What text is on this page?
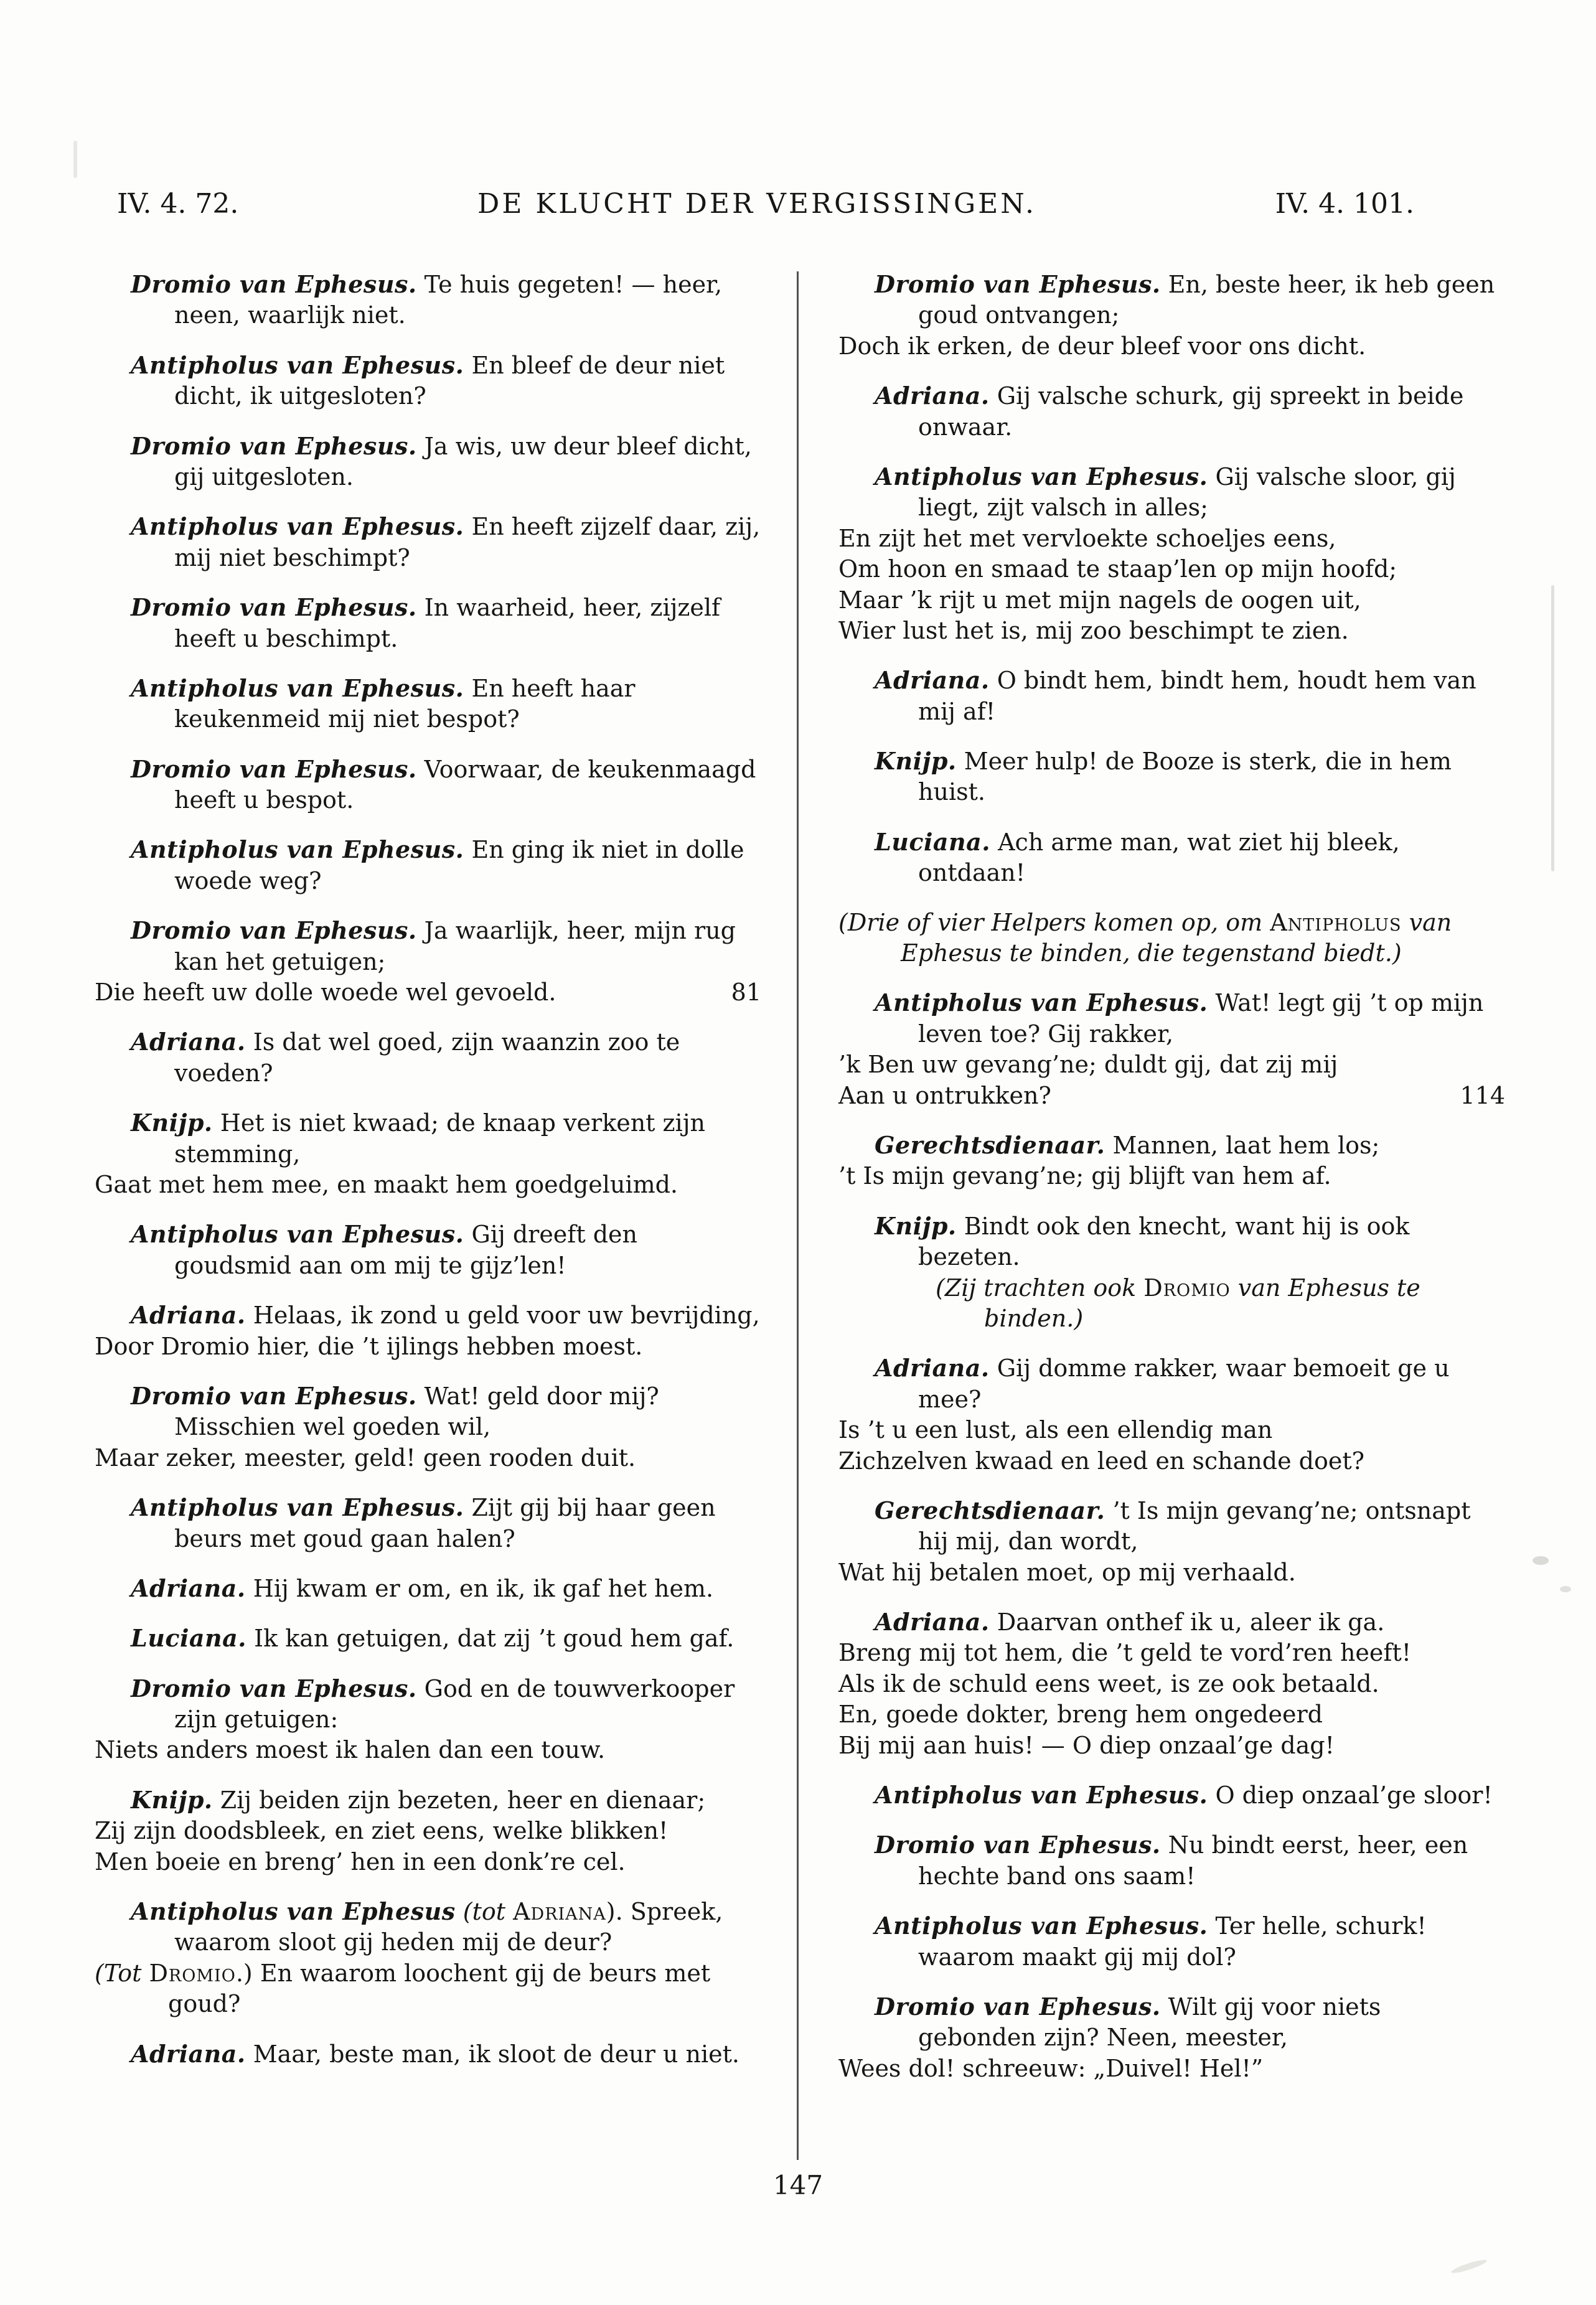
IV. 4. 72.	DE KLUCHT DER VERGISSINGEN.	IV. 4. 101.

Dromio van Ephesus. Te huis gegeten! — heer, neen, waarlijk niet.

Antipholus van Ephesus. En bleef de deur niet dicht, ik uitgesloten?

Dromio van Ephesus. Ja wis, uw deur bleef dicht, gij uitgesloten.

Antipholus van Ephesus. En heeft zijzelf daar, zij, mij niet beschimpt?

Dromio van Ephesus. In waarheid, heer, zijzelf heeft u beschimpt.

Antipholus van Ephesus. En heeft haar keukenmeid mij niet bespot?

Dromio van Ephesus. Voorwaar, de keukenmaagd heeft u bespot.

Antipholus van Ephesus. En ging ik niet in dolle woede weg?

Dromio van Ephesus. Ja waarlijk, heer, mijn rug kan het getuigen;

Die heeft uw dolle woede wel gevoeld.	81

Adriana. Is dat wel goed, zijn waanzin zoo te voeden?

Knijp. Het is niet kwaad; de knaap verkent zijn stemming,

Gaat met hem mee, en maakt hem goedgeluimd.

Antipholus van Ephesus. Gij dreeft den goudsmid aan om mij te gijz’len!

Adriana. Helaas, ik zond u geld voor uw bevrijding,

Door Dromio hier, die ’t ijlings hebben moest.

Dromio van Ephesus. Wat! geld door mij? Misschien wel goeden wil,

Maar zeker, meester, geld! geen rooden duit.

Antipholus van Ephesus. Zijt gij bij haar geen beurs met goud gaan halen?

Adriana. Hij kwam er om, en ik, ik gaf het hem.

Luciana. Ik kan getuigen, dat zij ’t goud hem gaf.

Dromio van Ephesus. God en de touwverkooper zijn getuigen:

Niets anders moest ik halen dan een touw.

Knijp. Zij beiden zijn bezeten, heer en dienaar;

Zij zijn doodsbleek, en ziet eens, welke blikken!

Men boeie en breng’ hen in een donk’re cel.

Antipholus van Ephesus (tot Adriana). Spreek, waarom sloot gij heden mij de deur?

(Tot Dromio.) En waarom loochent gij de beurs met goud?

Adriana. Maar, beste man, ik sloot de deur u niet.

Dromio van Ephesus. En, beste heer, ik heb geen goud ontvangen;

Doch ik erken, de deur bleef voor ons dicht.

Adriana. Gij valsche schurk, gij spreekt in beide onwaar.

Antipholus van Ephesus. Gij valsche sloor, gij liegt, zijt valsch in alles;

En zijt het met vervloekte schoeljes eens,

Om hoon en smaad te staap’len op mijn hoofd;

Maar ’k rijt u met mijn nagels de oogen uit,

Wier lust het is, mij zoo beschimpt te zien.

Adriana. O bindt hem, bindt hem, houdt hem van mij af!

Knijp. Meer hulp! de Booze is sterk, die in hem huist.

Luciana. Ach arme man, wat ziet hij bleek, ontdaan!

(Drie of vier Helpers komen op, om Antipholus van Ephesus te binden, die tegenstand biedt.)

Antipholus van Ephesus. Wat! legt gij ’t op mijn leven toe? Gij rakker,

’k Ben uw gevang’ne; duldt gij, dat zij mij

Aan u ontrukken?	114

Gerechtsdienaar. Mannen, laat hem los;

’t Is mijn gevang’ne; gij blijft van hem af.

Knijp. Bindt ook den knecht, want hij is ook bezeten.

(Zij trachten ook Dromio van Ephesus te binden.)

Adriana. Gij domme rakker, waar bemoeit ge u mee?

Is ’t u een lust, als een ellendig man

Zichzelven kwaad en leed en schande doet?

Gerechtsdienaar. ’t Is mijn gevang’ne; ontsnapt hij mij, dan wordt,

Wat hij betalen moet, op mij verhaald.

Adriana. Daarvan onthef ik u, aleer ik ga.

Breng mij tot hem, die ’t geld te vord’ren heeft!

Als ik de schuld eens weet, is ze ook betaald.

En, goede dokter, breng hem ongedeerd

Bij mij aan huis! — O diep onzaal’ge dag!

Antipholus van Ephesus. O diep onzaal’ge sloor!

Dromio van Ephesus. Nu bindt eerst, heer, een hechte band ons saam!

Antipholus van Ephesus. Ter helle, schurk! waarom maakt gij mij dol?

Dromio van Ephesus. Wilt gij voor niets gebonden zijn? Neen, meester,

Wees dol! schreeuw: „Duivel! Hel!”

147
